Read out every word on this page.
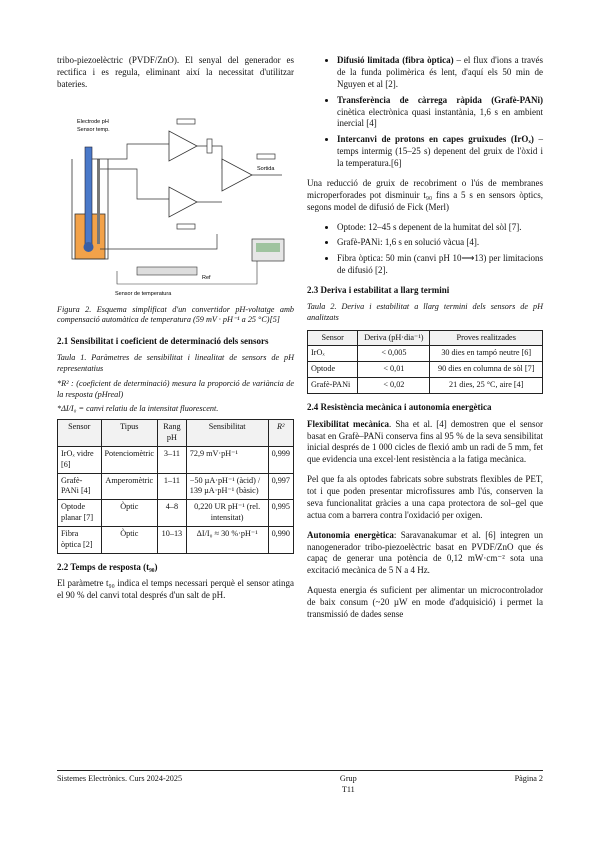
tribo-piezoelèctric (PVDF/ZnO). El senyal del generador es rectifica i es regula, eliminant així la necessitat d'utilitzar bateries.

Electrode pH
Sensor temp.
Sortida
Ref
Sensor de temperatura

Figura 2. Esquema simplificat d'un convertidor pH-voltatge amb compensació automàtica de temperatura (59 mV · pH⁻¹ a 25 °C)[5]

2.1 Sensibilitat i coeficient de determinació dels sensors

Taula 1. Paràmetres de sensibilitat i linealitat de sensors de pH representatius

*R² : (coeficient de determinació) mesura la proporció de variància de la resposta (pHreal)

*ΔI/I₀ = canvi relatiu de la intensitat fluorescent.

Sensor	Tipus	Rang pH	Sensibilitat	R²
IrOₓ vidre [6]	Potenciomètric	3–11	72,9 mV·pH⁻¹	0,999
Grafè-PANi [4]	Amperomètric	1–11	−50 µA·pH⁻¹ (àcid) / 139 µA·pH⁻¹ (bàsic)	0,997
Optode planar [7]	Òptic	4–8	0,220 UR pH⁻¹ (rel. intensitat)	0,995
Fibra òptica [2]	Òptic	10–13	ΔI/I₀ ≈ 30 %·pH⁻¹	0,990
2.2 Temps de resposta (t₉₀)

El paràmetre t₉₀ indica el temps necessari perquè el sensor atinga el 90 % del canvi total després d'un salt de pH.

• Difusió limitada (fibra òptica) – el flux d'ions a través de la funda polimèrica és lent, d'aquí els 50 min de Nguyen et al [2].
• Transferència de càrrega ràpida (Grafè-PANi) cinètica electrònica quasi instantània, 1,6 s en ambient inercial [4]
• Intercanvi de protons en capes gruixudes (IrOₓ) – temps intermig (15–25 s) depenent del gruix de l'òxid i la temperatura.[6]

Una reducció de gruix de recobriment o l'ús de membranes microperforades pot disminuir t₉₀ fins a 5 s en sensors òptics, segons model de difusió de Fick (Merl)

• Optode: 12–45 s depenent de la humitat del sòl [7].
• Grafè-PANi: 1,6 s en solució vàcua [4].
• Fibra òptica: 50 min (canvi pH 10⟶13) per limitacions de difusió [2].
2.3 Deriva i estabilitat a llarg termini

Taula 2. Deriva i estabilitat a llarg termini dels sensors de pH analitzats

Sensor	Deriva (pH·dia⁻¹)	Proves realitzades
IrOₓ	< 0,005	30 dies en tampó neutre [6]
Optode	< 0,01	90 dies en columna de sòl [7]
Grafè-PANi	< 0,02	21 dies, 25 °C, aire [4]
2.4 Resistència mecànica i autonomia energètica

Flexibilitat mecànica. Sha et al. [4] demostren que el sensor basat en Grafè–PANi conserva fins al 95 % de la seva sensibilitat inicial després de 1 000 cicles de flexió amb un radi de 5 mm, fet que evidencia una excel·lent resistència a la fatiga mecànica.

Pel que fa als optodes fabricats sobre substrats flexibles de PET, tot i que poden presentar microfissures amb l'ús, conserven la seva funcionalitat gràcies a una capa protectora de sol–gel que actua com a barrera contra l'oxidació per oxigen.

Autonomia energètica: Saravanakumar et al. [6] integren un nanogenerador tribo-piezoelèctric basat en PVDF/ZnO que és capaç de generar una potència de 0,12 mW·cm⁻² sota una excitació mecànica de 5 N a 4 Hz.

Aquesta energia és suficient per alimentar un microcontrolador de baix consum (~20 µW en mode d'adquisició) i permet la transmissió de dades sense

Sistemes Electrònics. Curs 2024-2025	Grup
T11
Pàgina 2
